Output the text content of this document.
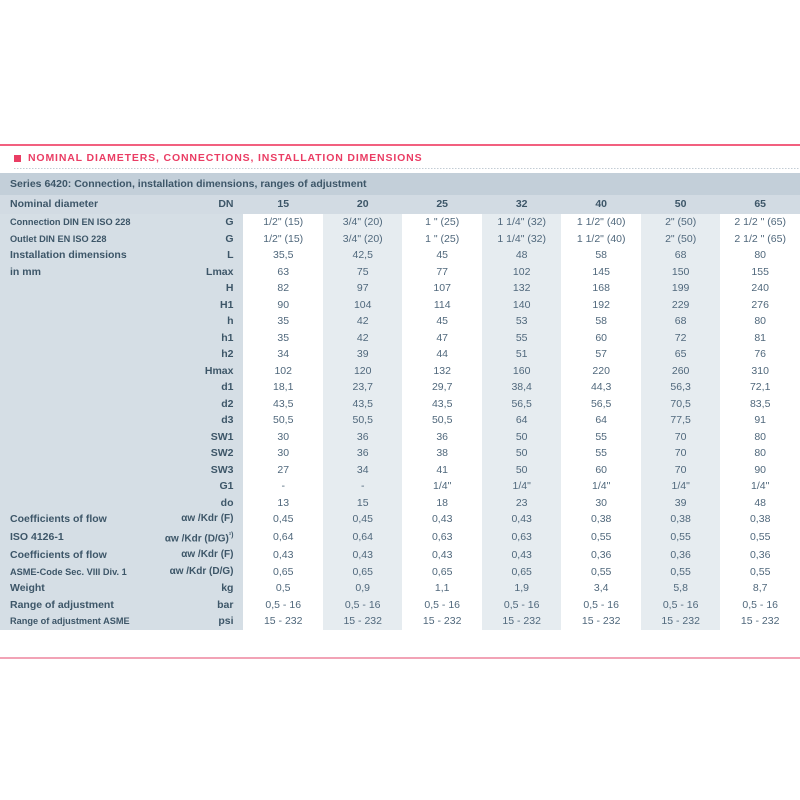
NOMINAL DIAMETERS, CONNECTIONS, INSTALLATION DIMENSIONS
Series 6420: Connection, installation dimensions, ranges of adjustment								
Nominal diameter	DN	15	20	25	32	40	50	65
Connection DIN EN ISO 228	G	1/2" (15)	3/4" (20)	1 " (25)	1 1/4" (32)	1 1/2" (40)	2" (50)	2 1/2 " (65)
Outlet DIN EN ISO 228	G	1/2" (15)	3/4" (20)	1 " (25)	1 1/4" (32)	1 1/2" (40)	2" (50)	2 1/2 " (65)
Installation dimensions	L	35,5	42,5	45	48	58	68	80
in mm	Lmax	63	75	77	102	145	150	155
	H	82	97	107	132	168	199	240
	H1	90	104	114	140	192	229	276
	h	35	42	45	53	58	68	80
	h1	35	42	47	55	60	72	81
	h2	34	39	44	51	57	65	76
	Hmax	102	120	132	160	220	260	310
	d1	18,1	23,7	29,7	38,4	44,3	56,3	72,1
	d2	43,5	43,5	43,5	56,5	56,5	70,5	83,5
	d3	50,5	50,5	50,5	64	64	77,5	91
	SW1	30	36	36	50	55	70	80
	SW2	30	36	38	50	55	70	80
	SW3	27	34	41	50	60	70	90
	G1	-	-	1/4"	1/4"	1/4"	1/4"	1/4"
	do	13	15	18	23	30	39	48
Coefficients of flow	αw /Kdr (F)	0,45	0,45	0,43	0,43	0,38	0,38	0,38
ISO 4126-1	αw /Kdr $(D/G)^{^1)}$	0,64	0,64	0,63	0,63	0,55	0,55	0,55
Coefficients of flow	αw /Kdr (F)	0,43	0,43	0,43	0,43	0,36	0,36	0,36
ASME-Code Sec. VIII Div. 1	αw /Kdr (D/G)	0,65	0,65	0,65	0,65	0,55	0,55	0,55
Weight	kg	0,5	0,9	1,1	1,9	3,4	5,8	8,7
Range of adjustment	bar	0,5 - 16	0,5 - 16	0,5 - 16	0,5 - 16	0,5 - 16	0,5 - 16	0,5 - 16
Range of adjustment ASME	psi	15 - 232	15 - 232	15 - 232	15 - 232	15 - 232	15 - 232	15 - 232
